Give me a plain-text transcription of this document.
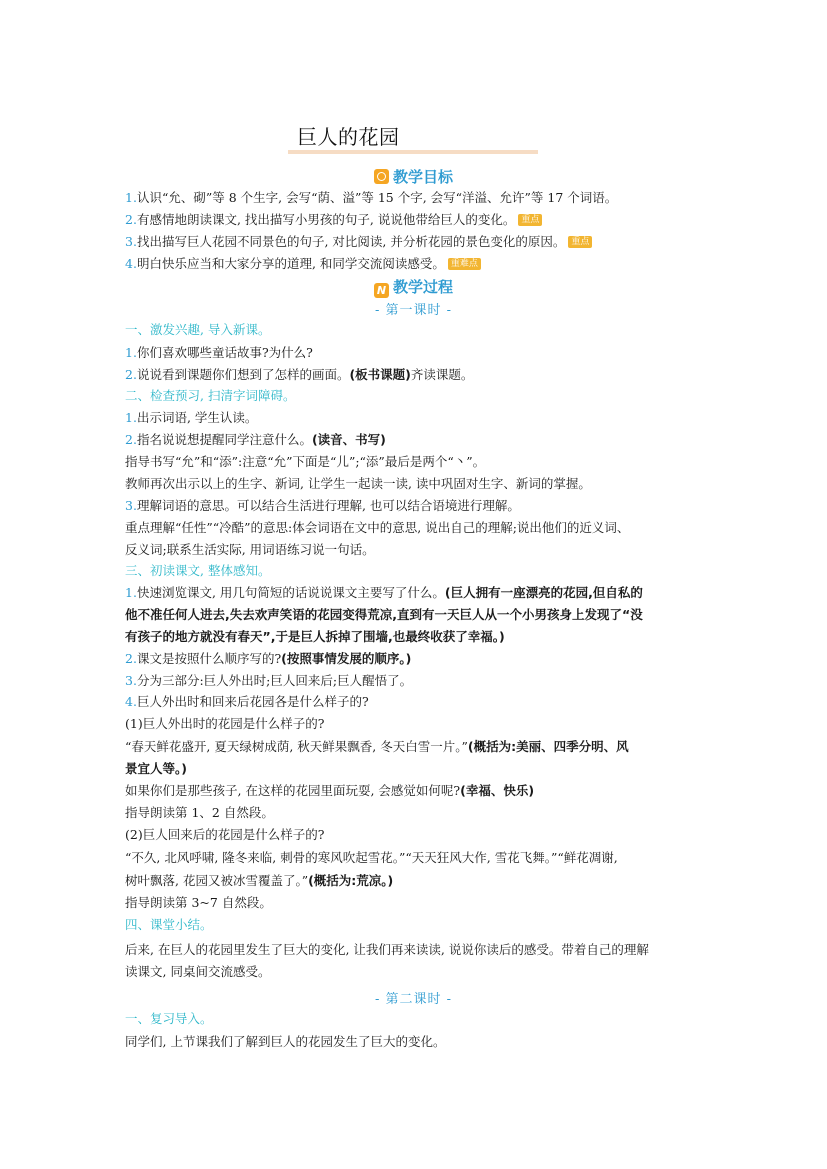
巨人的花园
教学目标
1.认识“允、砌”等 8 个生字, 会写“荫、溢”等 15 个字, 会写“洋溢、允许”等 17 个词语。
2.有感情地朗读课文, 找出描写小男孩的句子, 说说他带给巨人的变化。 重点
3.找出描写巨人花园不同景色的句子, 对比阅读, 并分析花园的景色变化的原因。 重点
4.明白快乐应当和大家分享的道理, 和同学交流阅读感受。 重难点
N 教学过程
- 第一课时 -
一、激发兴趣, 导入新课。
1.你们喜欢哪些童话故事?为什么?
2.说说看到课题你们想到了怎样的画面。(板书课题)齐读课题。
二、检查预习, 扫清字词障碍。
1.出示词语, 学生认读。
2.指名说说想提醒同学注意什么。(读音、书写)
指导书写“允”和“添”:注意“允”下面是“儿”;“添”最后是两个“丶”。
教师再次出示以上的生字、新词, 让学生一起读一读, 读中巩固对生字、新词的掌握。
3.理解词语的意思。可以结合生活进行理解, 也可以结合语境进行理解。
重点理解“任性”“冷酷”的意思:体会词语在文中的意思, 说出自己的理解;说出他们的近义词、
反义词;联系生活实际, 用词语练习说一句话。
三、初读课文, 整体感知。
1.快速浏览课文, 用几句简短的话说说课文主要写了什么。(巨人拥有一座漂亮的花园,但自私的
他不准任何人进去,失去欢声笑语的花园变得荒凉,直到有一天巨人从一个小男孩身上发现了“没
有孩子的地方就没有春天”,于是巨人拆掉了围墙,也最终收获了幸福。)
2.课文是按照什么顺序写的?(按照事情发展的顺序。)
3.分为三部分:巨人外出时;巨人回来后;巨人醒悟了。
4.巨人外出时和回来后花园各是什么样子的?
(1)巨人外出时的花园是什么样子的?
“春天鲜花盛开, 夏天绿树成荫, 秋天鲜果飘香, 冬天白雪一片。”(概括为:美丽、四季分明、风
景宜人等。)
如果你们是那些孩子, 在这样的花园里面玩耍, 会感觉如何呢?(幸福、快乐)
指导朗读第 1、2 自然段。
(2)巨人回来后的花园是什么样子的?
“不久, 北风呼啸, 隆冬来临, 刺骨的寒风吹起雪花。”“天天狂风大作, 雪花飞舞。”“鲜花凋谢,
树叶飘落, 花园又被冰雪覆盖了。”(概括为:荒凉。)
指导朗读第 3~7 自然段。
四、课堂小结。
后来, 在巨人的花园里发生了巨大的变化, 让我们再来读读, 说说你读后的感受。带着自己的理解
读课文, 同桌间交流感受。
- 第二课时 -
一、复习导入。
同学们, 上节课我们了解到巨人的花园发生了巨大的变化。
